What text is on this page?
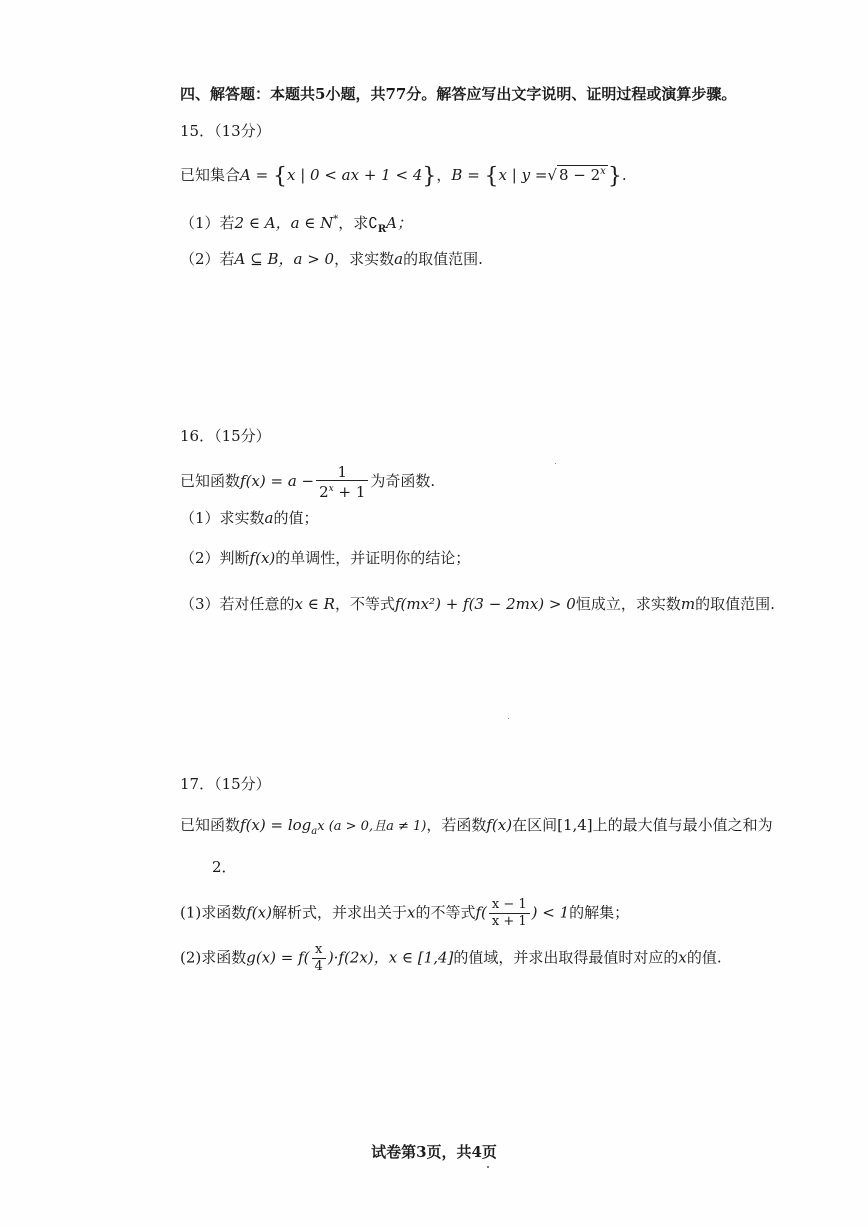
四、解答题：本题共5小题，共77分。解答应写出文字说明、证明过程或演算步骤。
15．（13分）
已知集合A = {x | 0 < ax + 1 < 4}，B = {x | y =√ $8 - 2^x$}.
（1）若2 ∈ A，a ∈ N*，求$∁_RA$；
（2）若A ⊆ B，a > 0，求实数a的取值范围.
16．（15分）
已知函数$f(x) = a - \frac{1}{2^x + 1}$ 为奇函数.
（1）求实数a的值；
（2）判断f(x)的单调性，并证明你的结论；
（3）若对任意的x ∈ R，不等式f(mx²) + f(3 − 2mx) > 0恒成立，求实数m的取值范围.
17．（15分）
已知函数$f(x) = \log_ax$ (a > 0,且a ≠ 1)，若函数f(x)在区间[1,4]上的最大值与最小值之和为
2．
(1)求函数f(x)解析式，并求出关于x的不等式$f( \frac{x - 1}{x + 1}$ ) < 1的解集；
(2)求函数$g(x) = f( \frac{x}{4} )\cdot f(2x)$，x ∈ [1,4]的值域，并求出取得最值时对应的x的值.
试卷第3页，共4页
